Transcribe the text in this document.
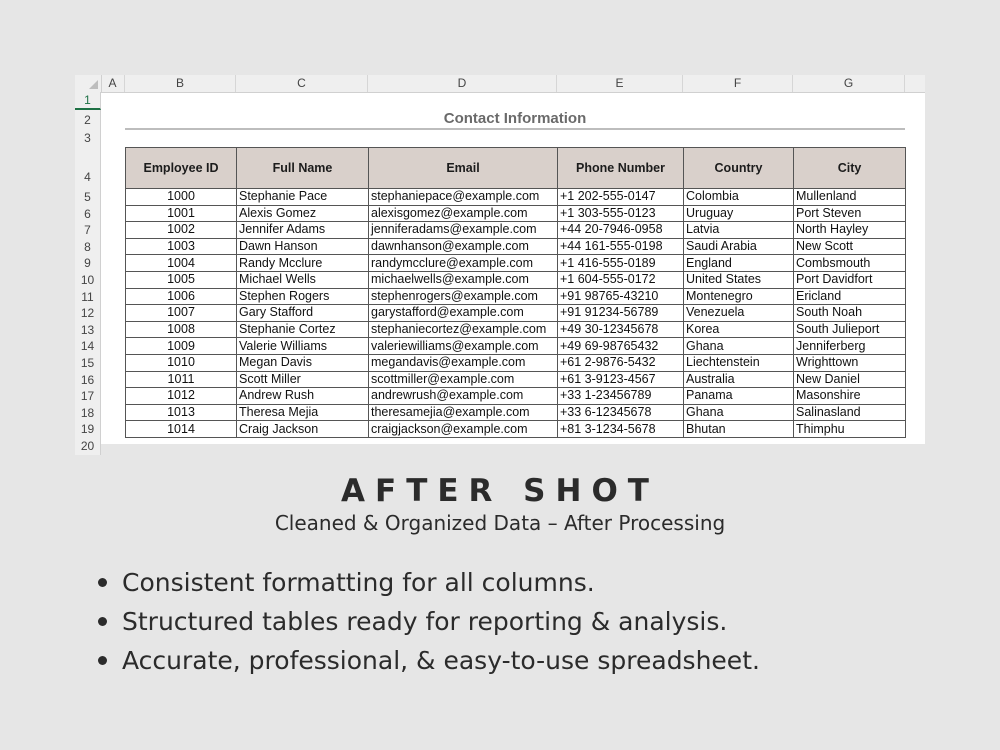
A	B	C	D	E	F	G
1
2
3
4
5
6
7
8
9
10
11
12
13
14
15
16
17
18
19
20
Contact Information
Employee ID	Full Name	Email	Phone Number	Country	City
1000	Stephanie Pace	stephaniepace@example.com	+1 202-555-0147	Colombia	Mullenland
1001	Alexis Gomez	alexisgomez@example.com	+1 303-555-0123	Uruguay	Port Steven
1002	Jennifer Adams	jenniferadams@example.com	+44 20-7946-0958	Latvia	North Hayley
1003	Dawn Hanson	dawnhanson@example.com	+44 161-555-0198	Saudi Arabia	New Scott
1004	Randy Mcclure	randymcclure@example.com	+1 416-555-0189	England	Combsmouth
1005	Michael Wells	michaelwells@example.com	+1 604-555-0172	United States	Port Davidfort
1006	Stephen Rogers	stephenrogers@example.com	+91 98765-43210	Montenegro	Ericland
1007	Gary Stafford	garystafford@example.com	+91 91234-56789	Venezuela	South Noah
1008	Stephanie Cortez	stephaniecortez@example.com	+49 30-12345678	Korea	South Julieport
1009	Valerie Williams	valeriewilliams@example.com	+49 69-98765432	Ghana	Jenniferberg
1010	Megan Davis	megandavis@example.com	+61 2-9876-5432	Liechtenstein	Wrighttown
1011	Scott Miller	scottmiller@example.com	+61 3-9123-4567	Australia	New Daniel
1012	Andrew Rush	andrewrush@example.com	+33 1-23456789	Panama	Masonshire
1013	Theresa Mejia	theresamejia@example.com	+33 6-12345678	Ghana	Salinasland
1014	Craig Jackson	craigjackson@example.com	+81 3-1234-5678	Bhutan	Thimphu
AFTER SHOT
Cleaned & Organized Data – After Processing
Consistent formatting for all columns.
Structured tables ready for reporting & analysis.
Accurate, professional, & easy-to-use spreadsheet.
